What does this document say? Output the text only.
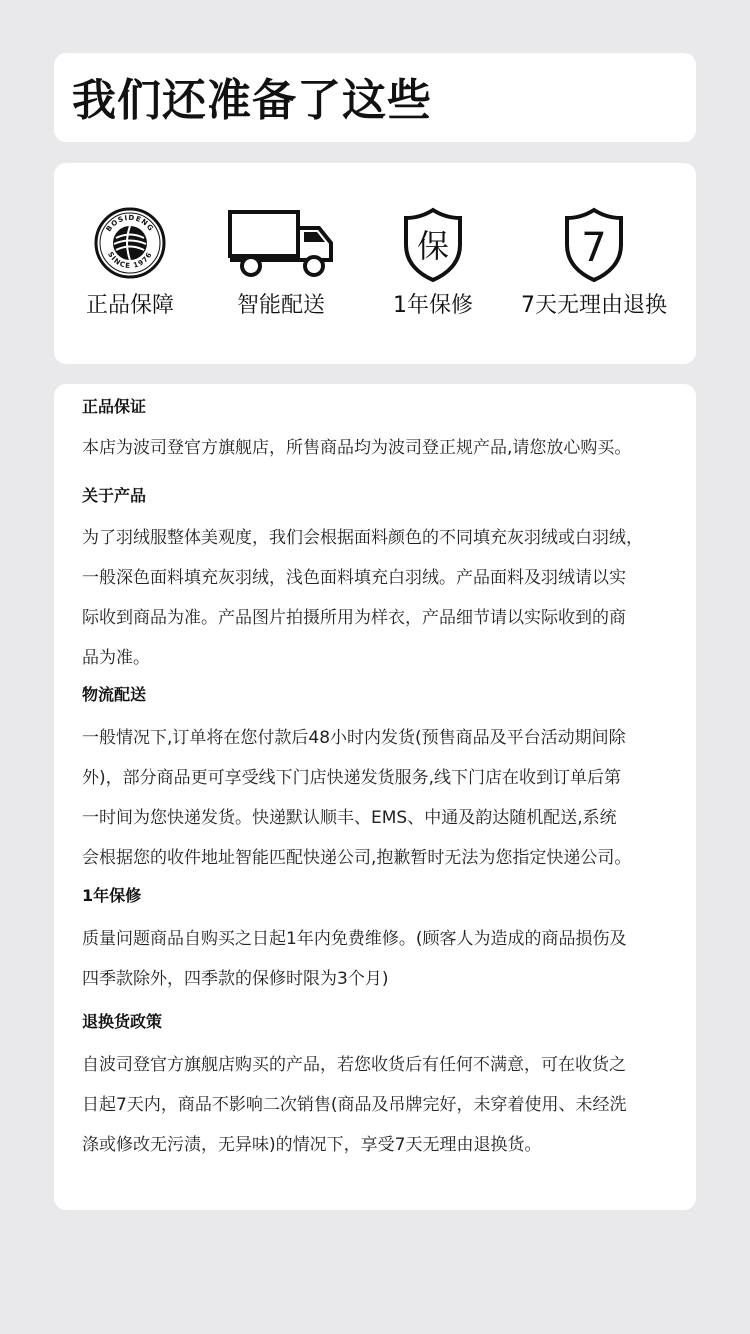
我们还准备了这些
BOSIDENG
SINCE 1976
正品保障	智能配送
保
1年保修
7
7天无理由退换
正品保证

本店为波司登官方旗舰店，所售商品均为波司登正规产品,请您放心购买。

关于产品

为了羽绒服整体美观度，我们会根据面料颜色的不同填充灰羽绒或白羽绒，
一般深色面料填充灰羽绒，浅色面料填充白羽绒。产品面料及羽绒请以实
际收到商品为准。产品图片拍摄所用为样衣，产品细节请以实际收到的商
品为准。

物流配送

一般情况下,订单将在您付款后48小时内发货(预售商品及平台活动期间除
外)，部分商品更可享受线下门店快递发货服务,线下门店在收到订单后第
一时间为您快递发货。快递默认顺丰、EMS、中通及韵达随机配送,系统
会根据您的收件地址智能匹配快递公司,抱歉暂时无法为您指定快递公司。

1年保修

质量问题商品自购买之日起1年内免费维修。(顾客人为造成的商品损伤及
四季款除外，四季款的保修时限为3个月)

退换货政策

自波司登官方旗舰店购买的产品，若您收货后有任何不满意，可在收货之
日起7天内，商品不影响二次销售(商品及吊牌完好，未穿着使用、未经洗
涤或修改无污渍，无异味)的情况下，享受7天无理由退换货。
